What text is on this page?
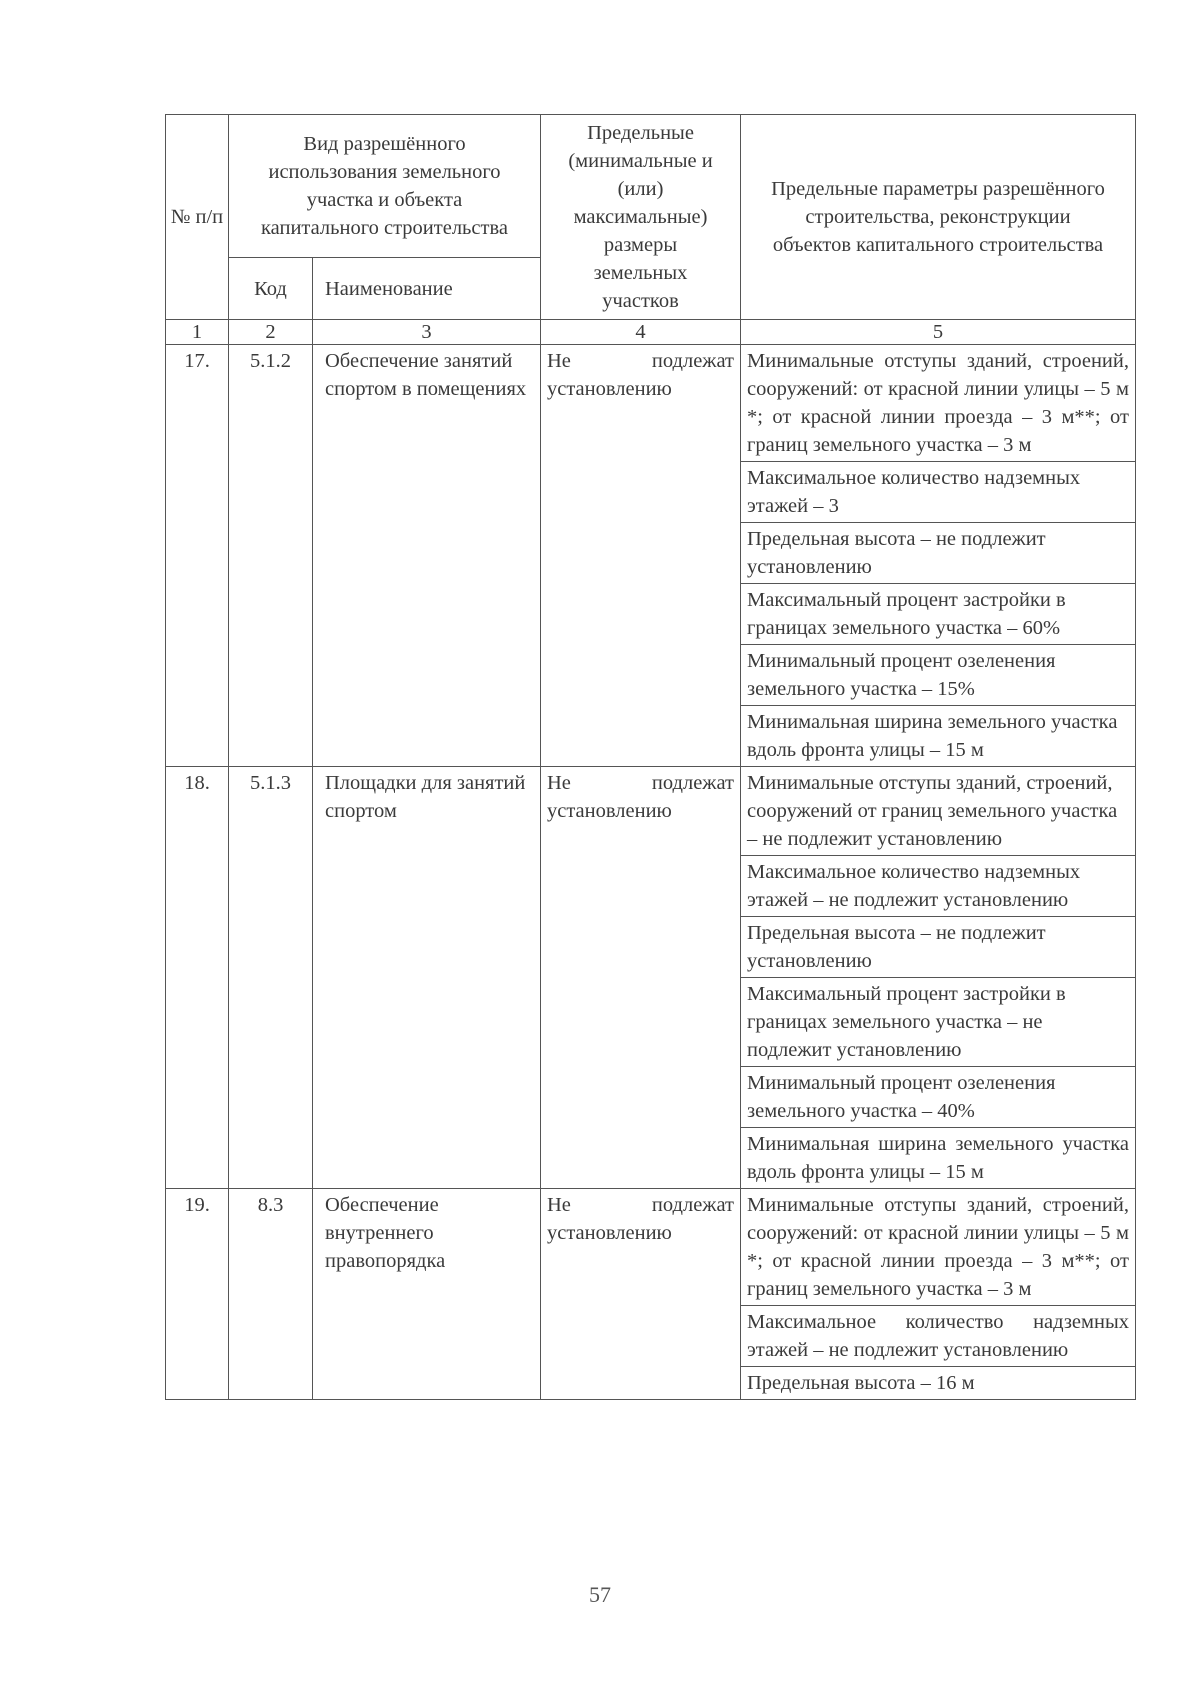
№ п/п	Вид разрешённого использования земельного участка и объекта капитального строительства		Предельные (минимальные и (или) максимальные) размеры земельных участков	Предельные параметры разрешённого строительства, реконструкции объектов капитального строительства
	Код	Наименование		
1	2	3	4	5
17.	5.1.2	Обеспечение занятий спортом в помещениях	Не подлежат установлению	Минимальные отступы зданий, строений, сооружений: от красной линии улицы – 5 м *; от красной линии проезда – 3 м**; от границ земельного участка – 3 м
				Максимальное количество надземных этажей – 3
				Предельная высота – не подлежит установлению
				Максимальный процент застройки в границах земельного участка – 60%
				Минимальный процент озеленения земельного участка – 15%
				Минимальная ширина земельного участка вдоль фронта улицы – 15 м
18.	5.1.3	Площадки для занятий спортом	Не подлежат установлению	Минимальные отступы зданий, строений, сооружений от границ земельного участка – не подлежит установлению
				Максимальное количество надземных этажей – не подлежит установлению
				Предельная высота – не подлежит установлению
				Максимальный процент застройки в границах земельного участка – не подлежит установлению
				Минимальный процент озеленения земельного участка – 40%
				Минимальная ширина земельного участка вдоль фронта улицы – 15 м
19.	8.3	Обеспечение внутреннего правопорядка	Не подлежат установлению	Минимальные отступы зданий, строений, сооружений: от красной линии улицы – 5 м *; от красной линии проезда – 3 м**; от границ земельного участка – 3 м
				Максимальное количество надземных этажей – не подлежит установлению
				Предельная высота – 16 м
57
